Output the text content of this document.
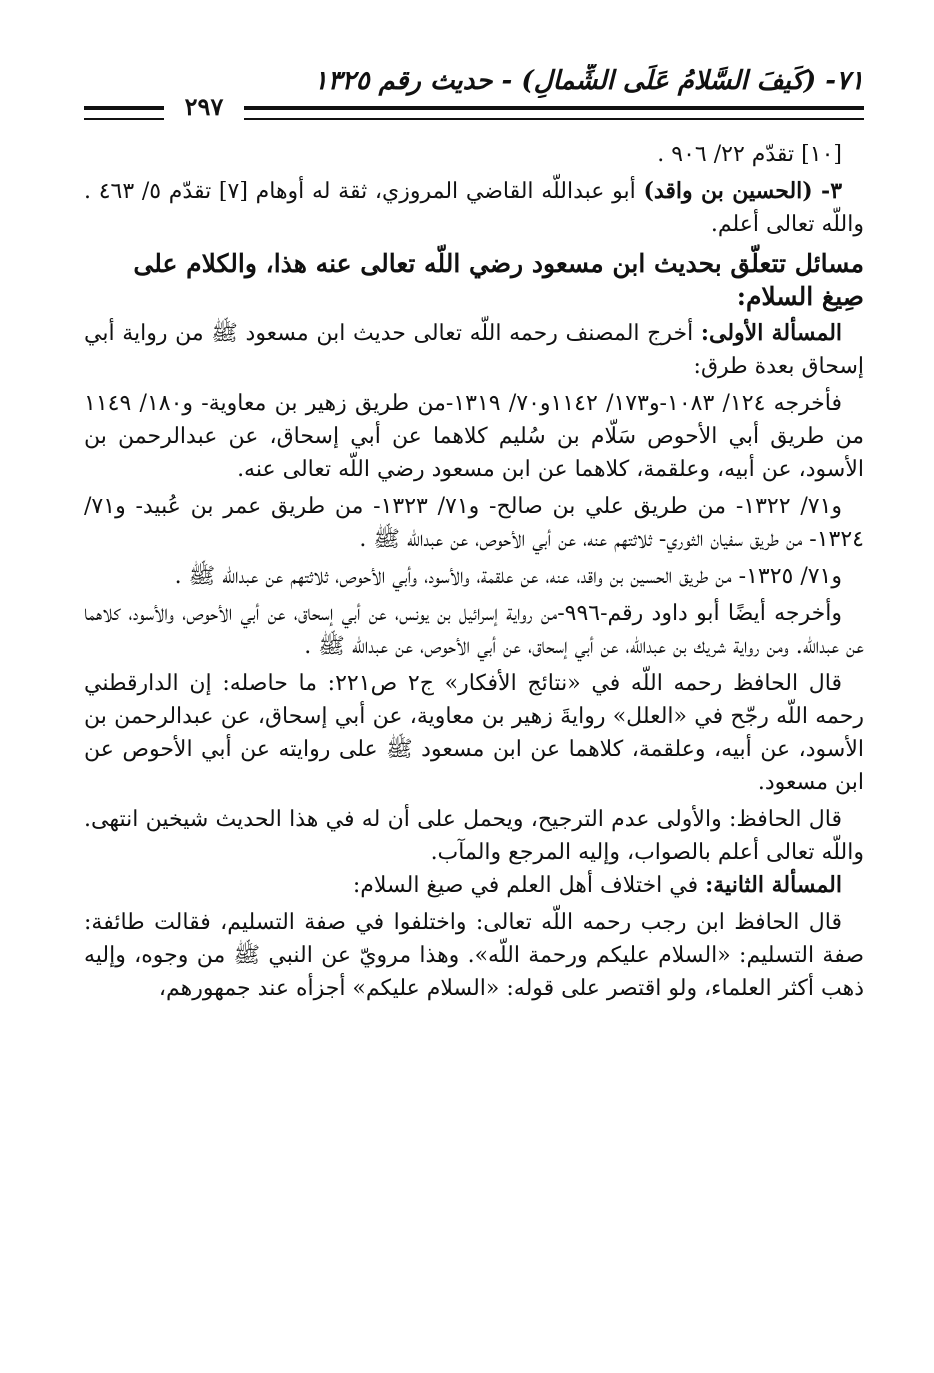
٧١- (كَيفَ السَّلامُ عَلَى الشِّمالِ) - حديث رقم ١٣٢٥
٢٩٧

[١٠] تقدّم ٢٢/ ٩٠٦ .

٣- (الحسين بن واقد) أبو عبداللّه القاضي المروزي، ثقة له أوهام [٧] تقدّم ٥/ ٤٦٣ . واللّه تعالى أعلم.

مسائل تتعلّق بحديث ابن مسعود رضي اللّه تعالى عنه هذا، والكلام على صِيغ السلام:

المسألة الأولى: أخرج المصنف رحمه اللّه تعالى حديث ابن مسعود ﷺ من رواية أبي إسحاق بعدة طرق:

فأخرجه ١٢٤/ ١٠٨٣-و١٧٣/ ١١٤٢و٧٠/ ١٣١٩-من طريق زهير بن معاوية- و١٨٠/ ١١٤٩ من طريق أبي الأحوص سَلّام بن سُليم كلاهما عن أبي إسحاق، عن عبدالرحمن بن الأسود، عن أبيه، وعلقمة، كلاهما عن ابن مسعود رضي اللّه تعالى عنه.

و٧١/ ١٣٢٢- من طريق علي بن صالح- و٧١/ ١٣٢٣- من طريق عمر بن عُبيد- و٧١/ ١٣٢٤- من طريق سفيان الثوري- ثلاثتهم عنه، عن أبي الأحوص، عن عبداللّه ﷺ .

و٧١/ ١٣٢٥- من طريق الحسين بن واقد، عنه، عن علقمة، والأسود، وأبي الأحوص، ثلاثتهم عن عبداللّه ﷺ .

وأخرجه أيضًا أبو داود رقم-٩٩٦-من رواية إسرائيل بن يونس، عن أبي إسحاق، عن أبي الأحوص، والأسود، كلاهما عن عبداللّه. ومن رواية شريك بن عبداللّه، عن أبي إسحاق، عن أبي الأحوص، عن عبداللّه ﷺ .

قال الحافظ رحمه اللّه في «نتائج الأفكار» ج٢ ص٢٢١: ما حاصله: إن الدارقطني رحمه اللّه رجّح في «العلل» روايةَ زهير بن معاوية، عن أبي إسحاق، عن عبدالرحمن بن الأسود، عن أبيه، وعلقمة، كلاهما عن ابن مسعود ﷺ على روايته عن أبي الأحوص عن ابن مسعود.

قال الحافظ: والأولى عدم الترجيح، ويحمل على أن له في هذا الحديث شيخين انتهى. واللّه تعالى أعلم بالصواب، وإليه المرجع والمآب.

المسألة الثانية: في اختلاف أهل العلم في صيغ السلام:

قال الحافظ ابن رجب رحمه اللّه تعالى: واختلفوا في صفة التسليم، فقالت طائفة: صفة التسليم: «السلام عليكم ورحمة اللّه». وهذا مرويّ عن النبي ﷺ من وجوه، وإليه ذهب أكثر العلماء، ولو اقتصر على قوله: «السلام عليكم» أجزأه عند جمهورهم،
